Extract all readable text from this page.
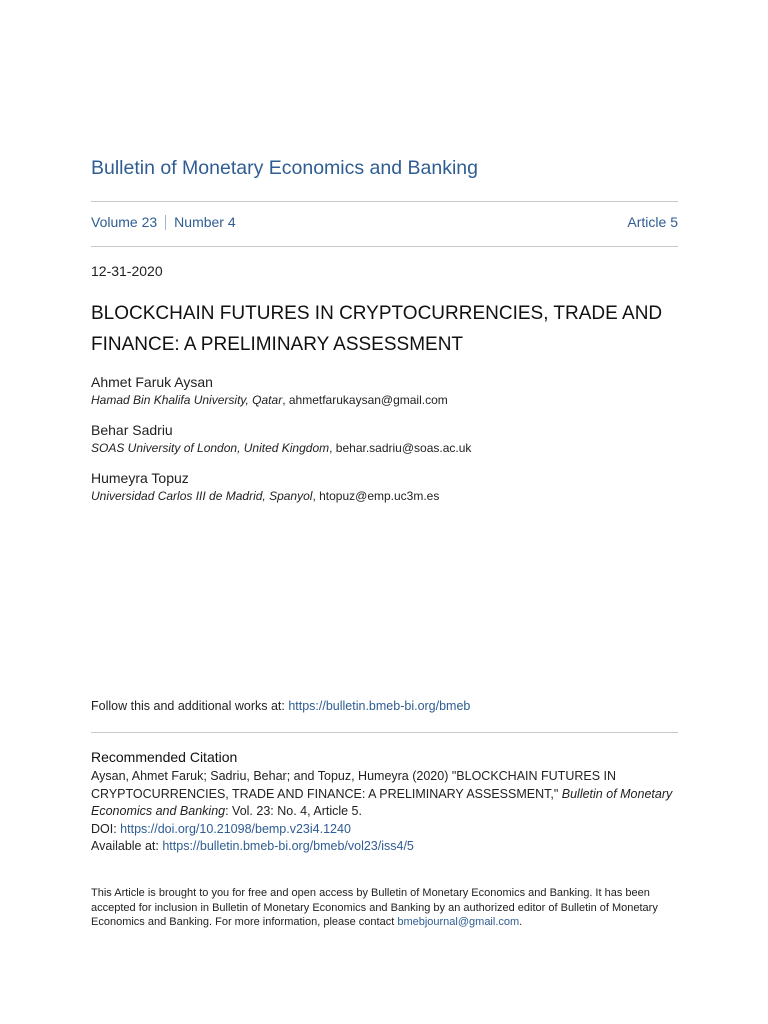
Bulletin of Monetary Economics and Banking
Volume 23 Number 4	Article 5
12-31-2020
BLOCKCHAIN FUTURES IN CRYPTOCURRENCIES, TRADE AND FINANCE: A PRELIMINARY ASSESSMENT
Ahmet Faruk Aysan
Hamad Bin Khalifa University, Qatar, ahmetfarukaysan@gmail.com
Behar Sadriu
SOAS University of London, United Kingdom, behar.sadriu@soas.ac.uk
Humeyra Topuz
Universidad Carlos III de Madrid, Spanyol, htopuz@emp.uc3m.es
Follow this and additional works at: https://bulletin.bmeb-bi.org/bmeb
Recommended Citation
Aysan, Ahmet Faruk; Sadriu, Behar; and Topuz, Humeyra (2020) "BLOCKCHAIN FUTURES IN CRYPTOCURRENCIES, TRADE AND FINANCE: A PRELIMINARY ASSESSMENT," Bulletin of Monetary Economics and Banking: Vol. 23: No. 4, Article 5.
DOI: https://doi.org/10.21098/bemp.v23i4.1240
Available at: https://bulletin.bmeb-bi.org/bmeb/vol23/iss4/5
This Article is brought to you for free and open access by Bulletin of Monetary Economics and Banking. It has been accepted for inclusion in Bulletin of Monetary Economics and Banking by an authorized editor of Bulletin of Monetary Economics and Banking. For more information, please contact bmebjournal@gmail.com.
